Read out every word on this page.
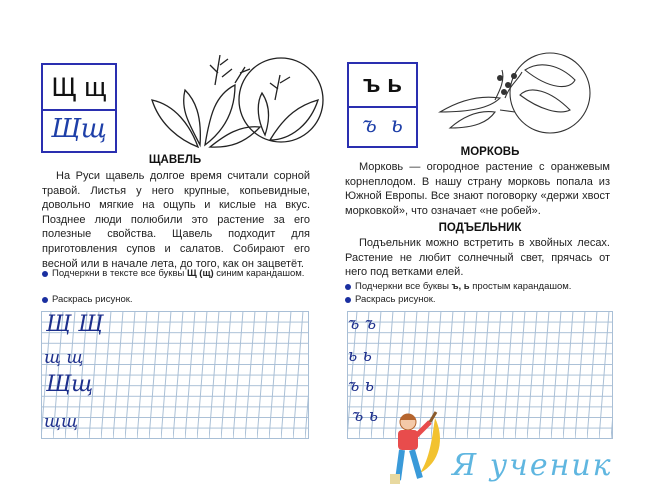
Щ щ
Щщ
ЩАВЕЛЬ
На Руси щавель долгое время считали сорной травой. Листья у него крупные, копьевидные, довольно мягкие на ощупь и кислые на вкус. Позднее люди полюбили это растение за его полезные свойства. Щавель подходит для приготовления супов и салатов. Собирают его весной или в начале лета, до того, как он зацветёт.
Подчеркни в тексте все буквы Щ (щ) синим карандашом.
Раскрась рисунок.
Щ Щ
щ щ
Щщ
щщ
ъ ь
ъ  ь
МОРКОВЬ
Морковь — огородное растение с оранжевым корнеплодом. В нашу страну морковь попала из Южной Европы. Все знают поговорку «держи хвост морковкой», что означает «не робей».
ПОДЪЕЛЬНИК
Подъельник можно встретить в хвойных лесах. Растение не любит солнечный свет, прячась от него под ветками елей.
Подчеркни все буквы ъ, ь простым карандашом.
Раскрась рисунок.
ъ ъ
ь ь
ъ ь
ъ ь
Я ученик
